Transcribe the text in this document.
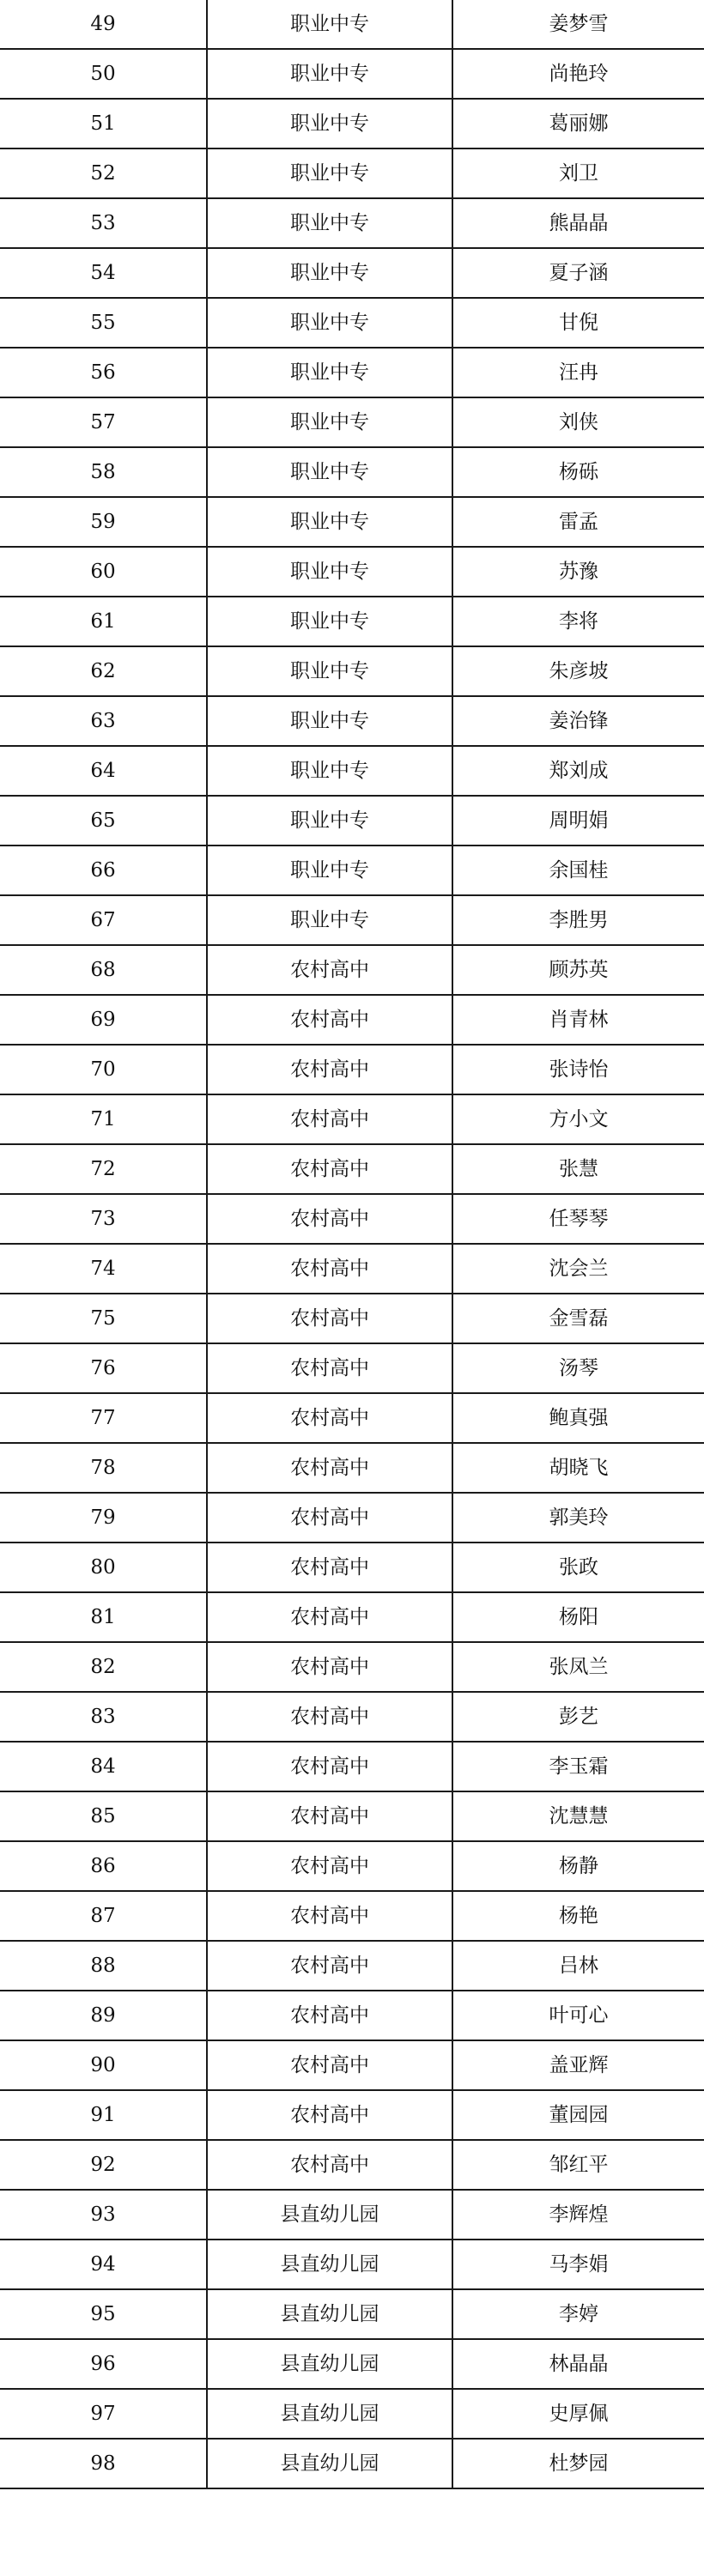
49	职业中专	姜梦雪
50	职业中专	尚艳玲
51	职业中专	葛丽娜
52	职业中专	刘卫
53	职业中专	熊晶晶
54	职业中专	夏子涵
55	职业中专	甘倪
56	职业中专	汪冉
57	职业中专	刘侠
58	职业中专	杨砾
59	职业中专	雷孟
60	职业中专	苏豫
61	职业中专	李将
62	职业中专	朱彦坡
63	职业中专	姜治锋
64	职业中专	郑刘成
65	职业中专	周明娟
66	职业中专	余国桂
67	职业中专	李胜男
68	农村高中	顾苏英
69	农村高中	肖青林
70	农村高中	张诗怡
71	农村高中	方小文
72	农村高中	张慧
73	农村高中	任琴琴
74	农村高中	沈会兰
75	农村高中	金雪磊
76	农村高中	汤琴
77	农村高中	鲍真强
78	农村高中	胡晓飞
79	农村高中	郭美玲
80	农村高中	张政
81	农村高中	杨阳
82	农村高中	张凤兰
83	农村高中	彭艺
84	农村高中	李玉霜
85	农村高中	沈慧慧
86	农村高中	杨静
87	农村高中	杨艳
88	农村高中	吕林
89	农村高中	叶可心
90	农村高中	盖亚辉
91	农村高中	董园园
92	农村高中	邹红平
93	县直幼儿园	李辉煌
94	县直幼儿园	马李娟
95	县直幼儿园	李婷
96	县直幼儿园	林晶晶
97	县直幼儿园	史厚佩
98	县直幼儿园	杜梦园
